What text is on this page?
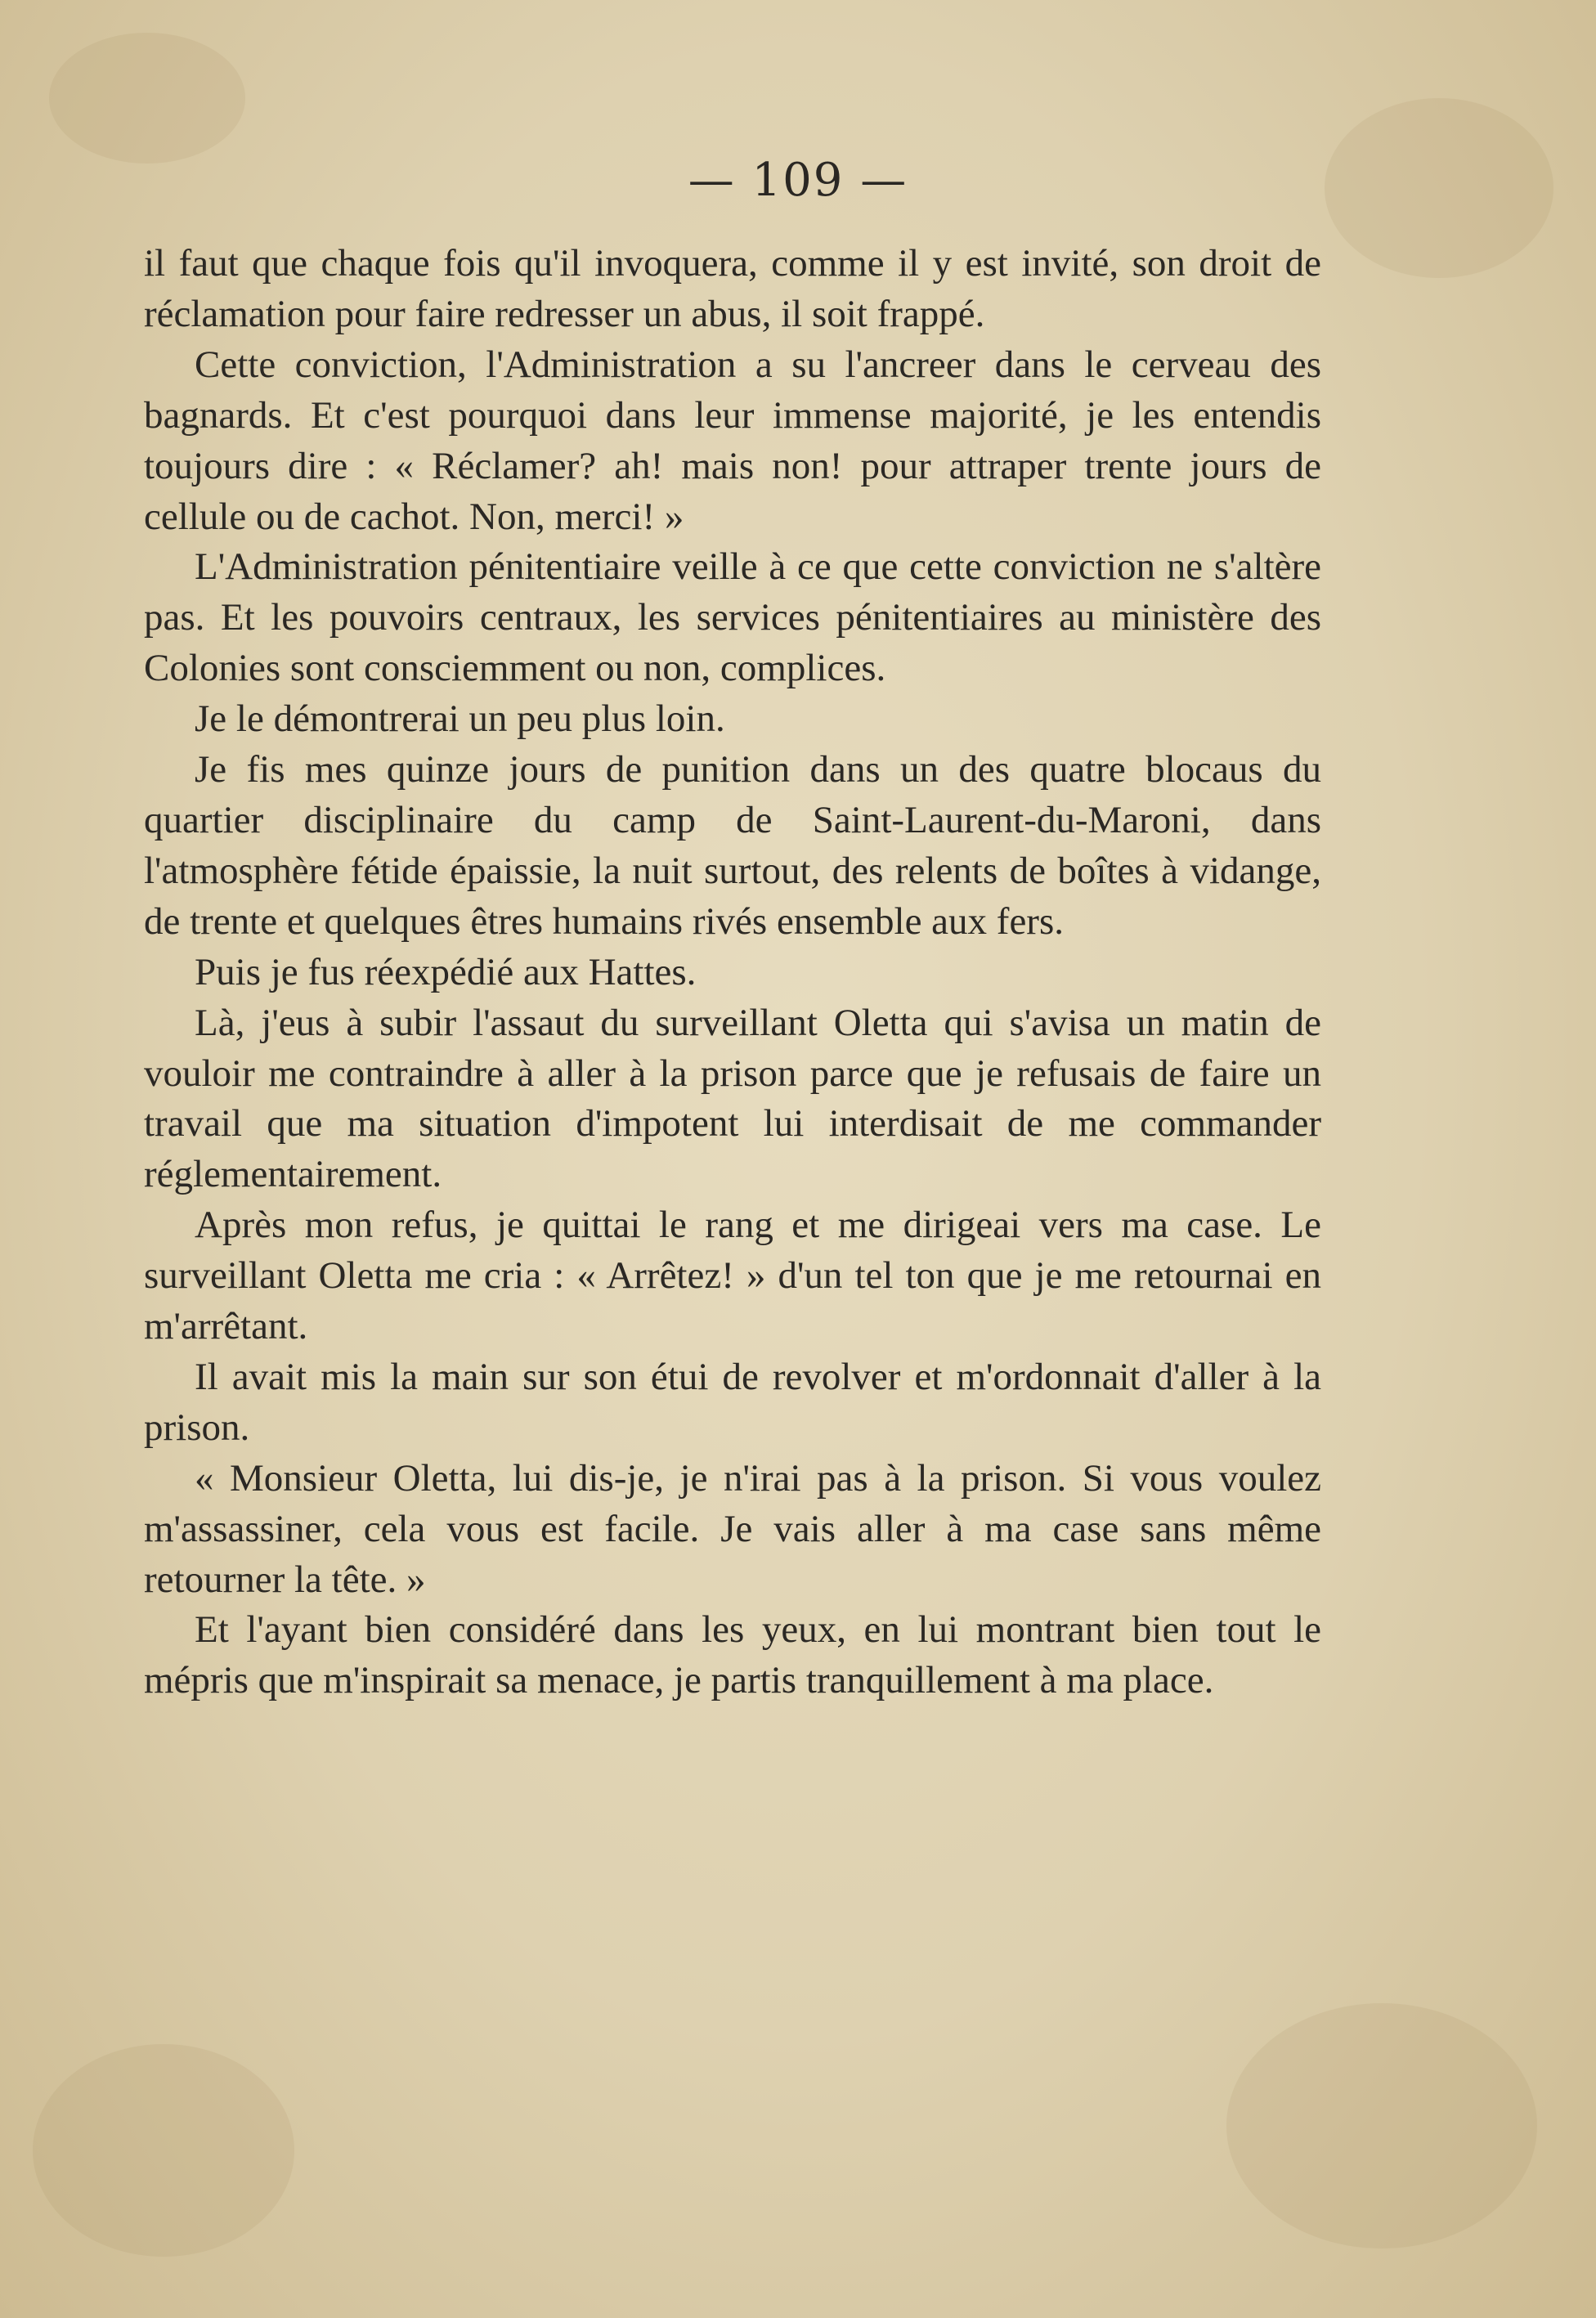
— 109 —

il faut que chaque fois qu'il invoquera, comme il y est invité, son droit de réclamation pour faire redresser un abus, il soit frappé.

Cette conviction, l'Administration a su l'ancreer dans le cerveau des bagnards. Et c'est pourquoi dans leur immense majorité, je les entendis toujours dire : « Réclamer? ah! mais non! pour attraper trente jours de cellule ou de cachot. Non, merci! »

L'Administration pénitentiaire veille à ce que cette conviction ne s'altère pas. Et les pouvoirs centraux, les services pénitentiaires au ministère des Colonies sont consciemment ou non, complices.

Je le démontrerai un peu plus loin.

Je fis mes quinze jours de punition dans un des quatre blocaus du quartier disciplinaire du camp de Saint-Laurent-du-Maroni, dans l'atmosphère fétide épaissie, la nuit surtout, des relents de boîtes à vidange, de trente et quelques êtres humains rivés ensemble aux fers.

Puis je fus réexpédié aux Hattes.

Là, j'eus à subir l'assaut du surveillant Oletta qui s'avisa un matin de vouloir me contraindre à aller à la prison parce que je refusais de faire un travail que ma situation d'impotent lui interdisait de me commander réglementairement.

Après mon refus, je quittai le rang et me dirigeai vers ma case. Le surveillant Oletta me cria : « Arrêtez! » d'un tel ton que je me retournai en m'arrêtant.

Il avait mis la main sur son étui de revolver et m'ordonnait d'aller à la prison.

« Monsieur Oletta, lui dis-je, je n'irai pas à la prison. Si vous voulez m'assassiner, cela vous est facile. Je vais aller à ma case sans même retourner la tête. »

Et l'ayant bien considéré dans les yeux, en lui montrant bien tout le mépris que m'inspirait sa menace, je partis tranquillement à ma place.
